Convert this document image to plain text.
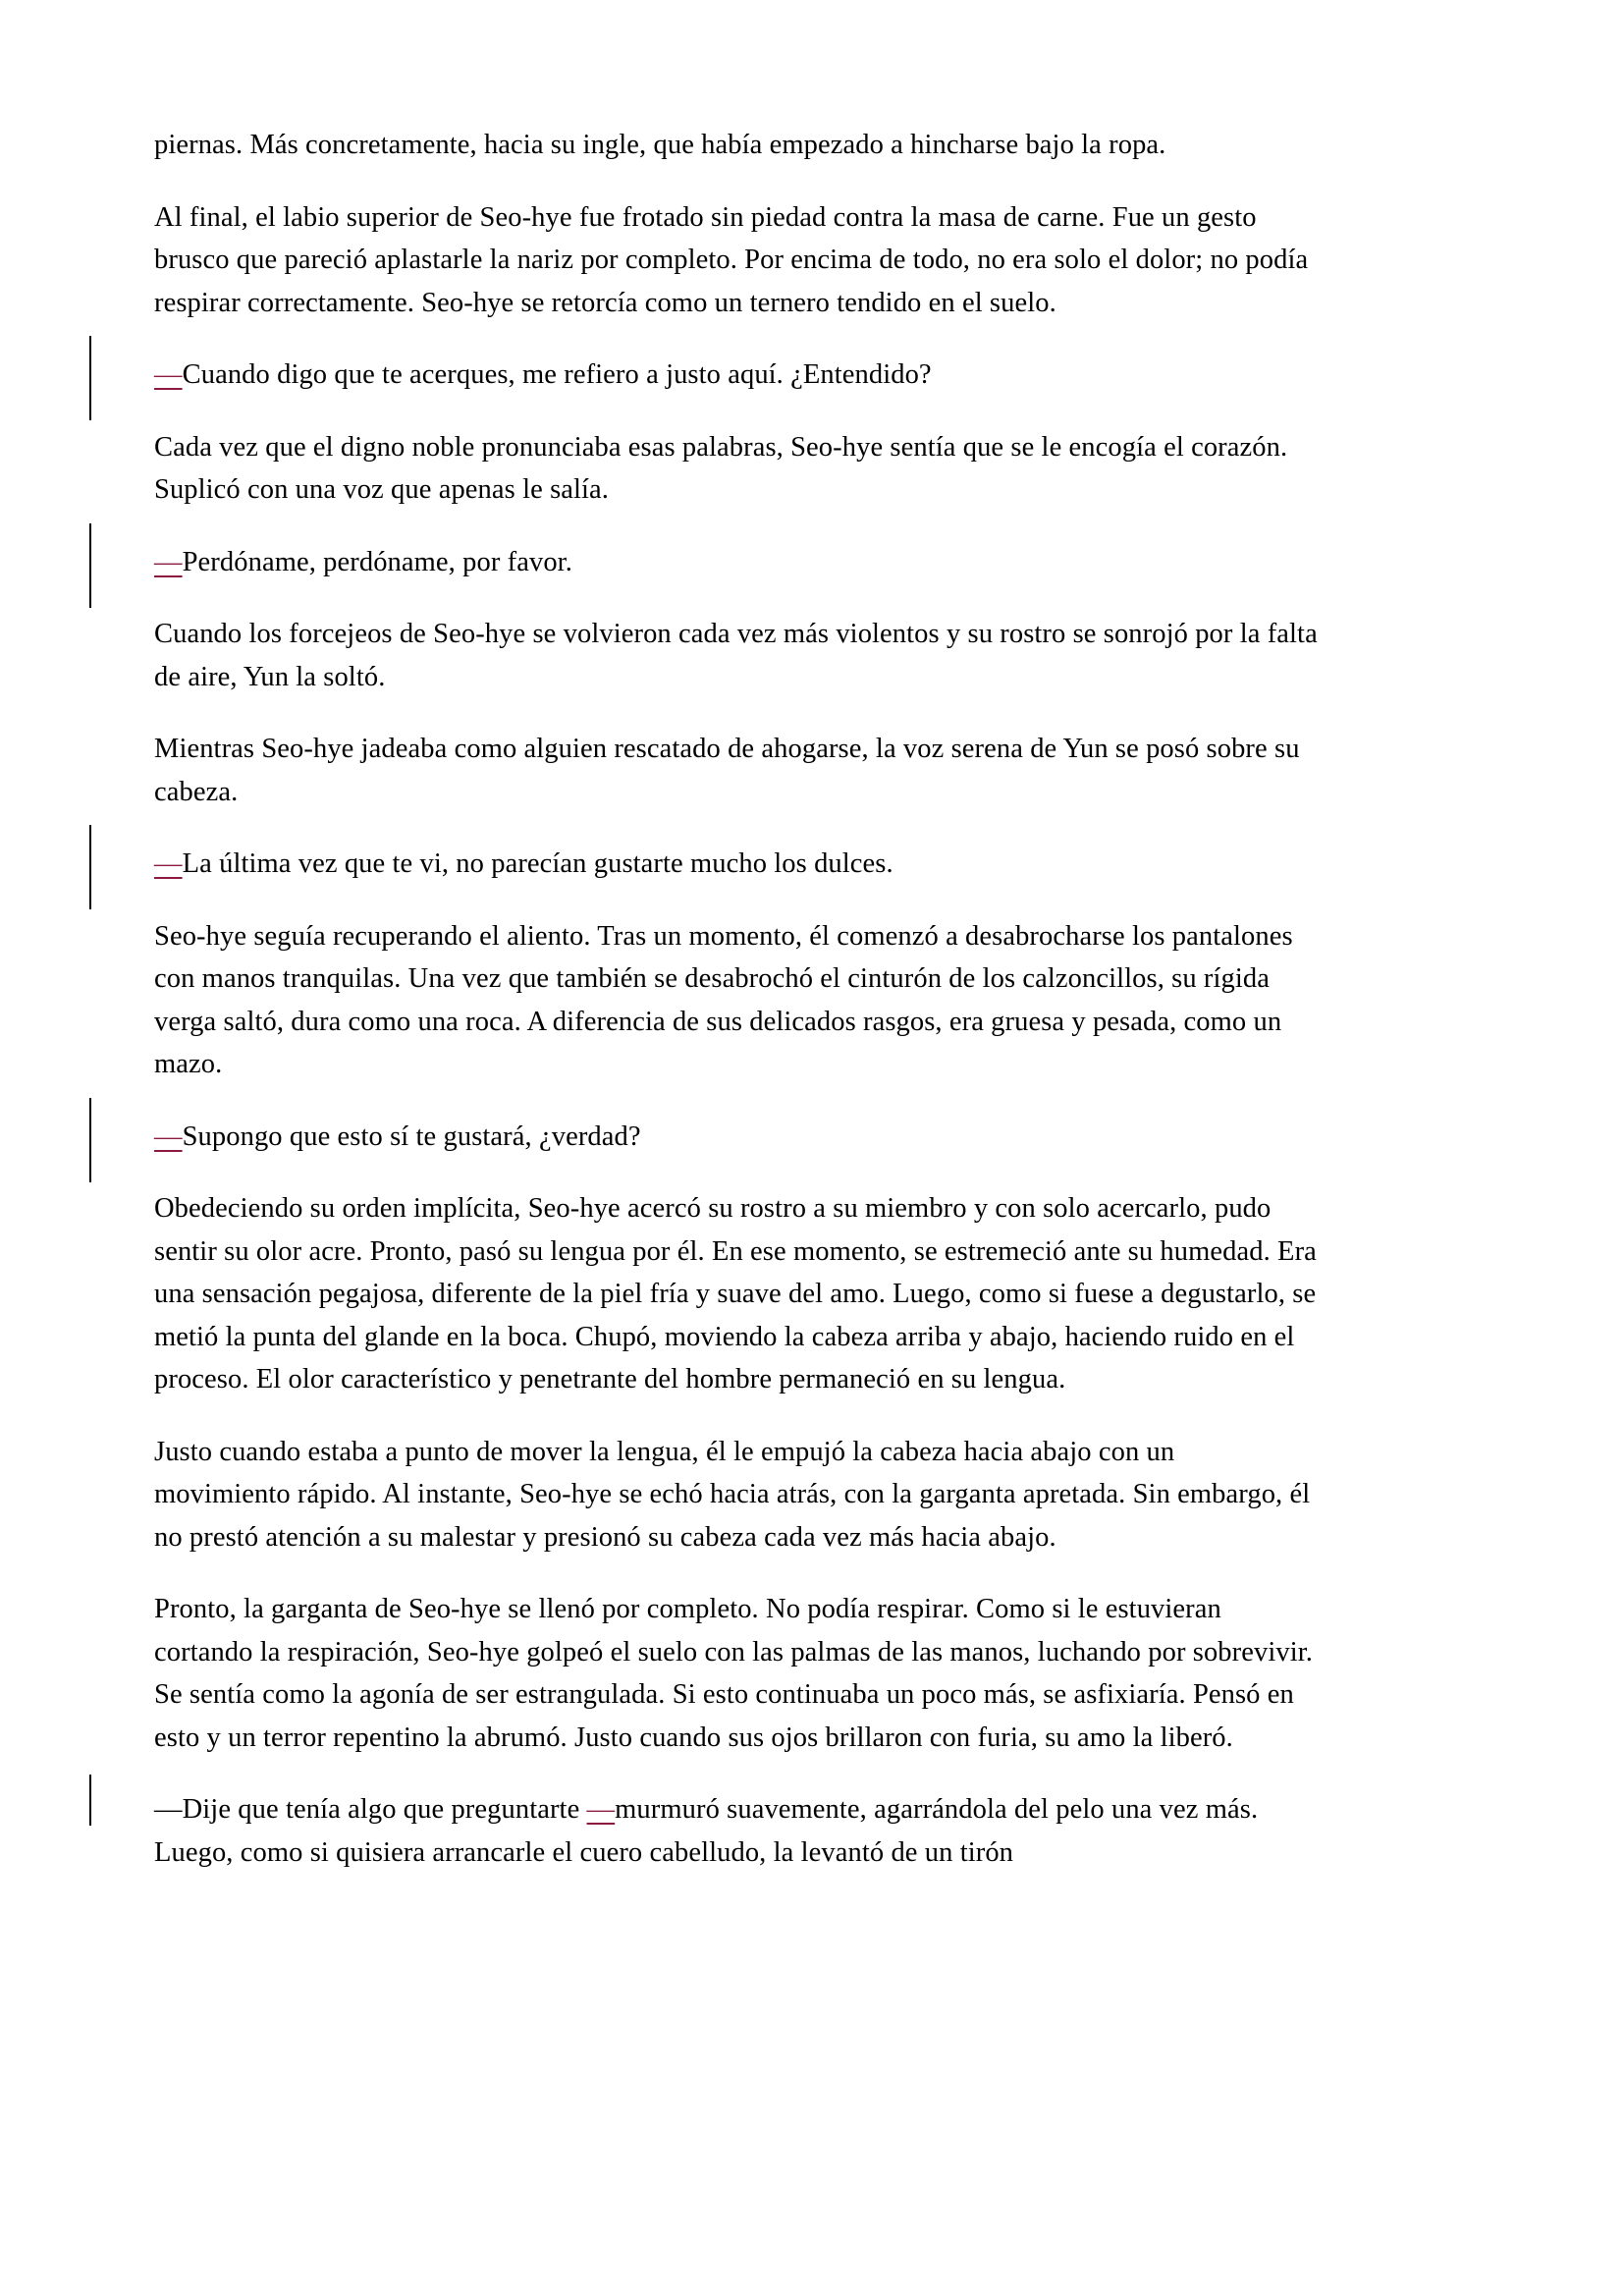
piernas. Más concretamente, hacia su ingle, que había empezado a hincharse bajo la ropa.

Al final, el labio superior de Seo-hye fue frotado sin piedad contra la masa de carne. Fue un gesto brusco que pareció aplastarle la nariz por completo. Por encima de todo, no era solo el dolor; no podía respirar correctamente. Seo-hye se retorcía como un ternero tendido en el suelo.

—Cuando digo que te acerques, me refiero a justo aquí. ¿Entendido?

Cada vez que el digno noble pronunciaba esas palabras, Seo-hye sentía que se le encogía el corazón. Suplicó con una voz que apenas le salía.

—Perdóname, perdóname, por favor.

Cuando los forcejeos de Seo-hye se volvieron cada vez más violentos y su rostro se sonrojó por la falta de aire, Yun la soltó.

Mientras Seo-hye jadeaba como alguien rescatado de ahogarse, la voz serena de Yun se posó sobre su cabeza.

—La última vez que te vi, no parecían gustarte mucho los dulces.

Seo-hye seguía recuperando el aliento. Tras un momento, él comenzó a desabrocharse los pantalones con manos tranquilas. Una vez que también se desabrochó el cinturón de los calzoncillos, su rígida verga saltó, dura como una roca. A diferencia de sus delicados rasgos, era gruesa y pesada, como un mazo.

—Supongo que esto sí te gustará, ¿verdad?

Obedeciendo su orden implícita, Seo-hye acercó su rostro a su miembro y con solo acercarlo, pudo sentir su olor acre. Pronto, pasó su lengua por él. En ese momento, se estremeció ante su humedad. Era una sensación pegajosa, diferente de la piel fría y suave del amo. Luego, como si fuese a degustarlo, se metió la punta del glande en la boca. Chupó, moviendo la cabeza arriba y abajo, haciendo ruido en el proceso. El olor característico y penetrante del hombre permaneció en su lengua.

Justo cuando estaba a punto de mover la lengua, él le empujó la cabeza hacia abajo con un movimiento rápido. Al instante, Seo-hye se echó hacia atrás, con la garganta apretada. Sin embargo, él no prestó atención a su malestar y presionó su cabeza cada vez más hacia abajo.

Pronto, la garganta de Seo-hye se llenó por completo. No podía respirar. Como si le estuvieran cortando la respiración, Seo-hye golpeó el suelo con las palmas de las manos, luchando por sobrevivir. Se sentía como la agonía de ser estrangulada. Si esto continuaba un poco más, se asfixiaría. Pensó en esto y un terror repentino la abrumó. Justo cuando sus ojos brillaron con furia, su amo la liberó.

—Dije que tenía algo que preguntarte —murmuró suavemente, agarrándola del pelo una vez más. Luego, como si quisiera arrancarle el cuero cabelludo, la levantó de un tirón
